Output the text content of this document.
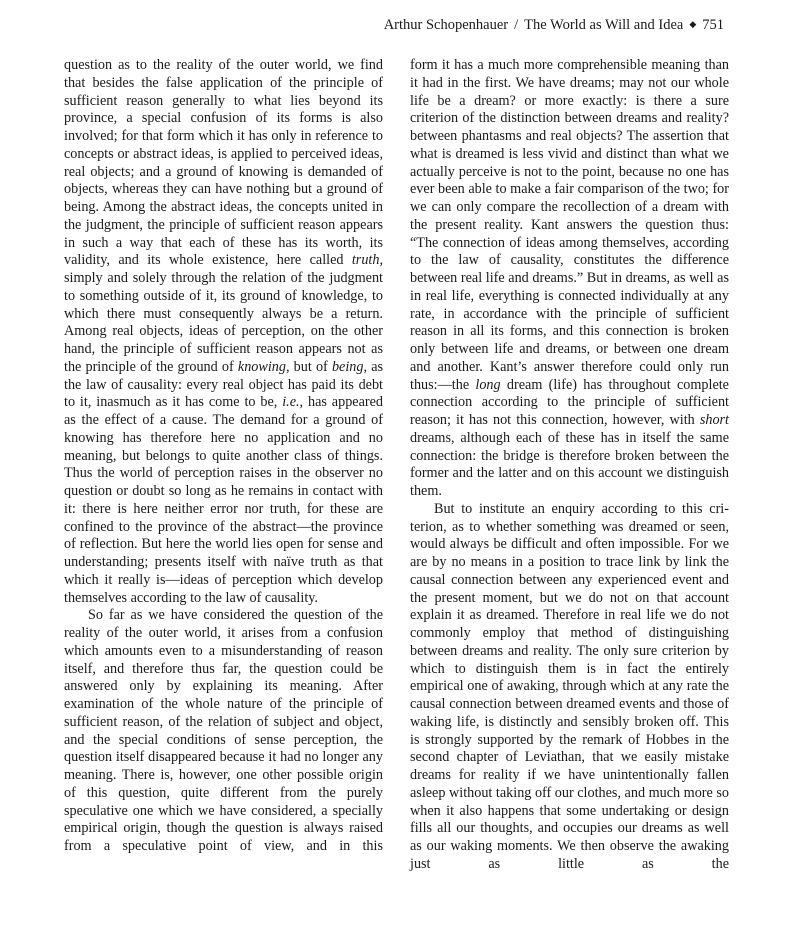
Arthur Schopenhauer / The World as Will and Idea ◆ 751

question as to the reality of the outer world, we find that besides the false application of the principle of sufficient reason generally to what lies beyond its province, a special confusion of its forms is also involved; for that form which it has only in reference to concepts or abstract ideas, is applied to perceived ideas, real objects; and a ground of knowing is demanded of objects, whereas they can have nothing but a ground of being. Among the abstract ideas, the concepts united in the judgment, the principle of sufficient reason appears in such a way that each of these has its worth, its validity, and its whole existence, here called truth, simply and solely through the relation of the judgment to something outside of it, its ground of knowledge, to which there must consequently always be a return. Among real objects, ideas of perception, on the other hand, the principle of sufficient reason appears not as the principle of the ground of knowing, but of being, as the law of causality: every real object has paid its debt to it, inasmuch as it has come to be, i.e., has appeared as the effect of a cause. The demand for a ground of knowing has therefore here no application and no meaning, but belongs to quite another class of things. Thus the world of perception raises in the observer no question or doubt so long as he remains in contact with it: there is here neither error nor truth, for these are confined to the province of the abstract—the province of reflection. But here the world lies open for sense and understanding; presents itself with naïve truth as that which it really is—ideas of perception which develop themselves according to the law of causality.

So far as we have considered the question of the reality of the outer world, it arises from a confusion which amounts even to a misunderstanding of reason itself, and therefore thus far, the question could be answered only by explaining its meaning. After examination of the whole nature of the principle of sufficient reason, of the relation of subject and object, and the special conditions of sense perception, the question itself disappeared because it had no longer any meaning. There is, however, one other possible origin of this question, quite different from the purely speculative one which we have considered, a specially empirical origin, though the question is always raised from a speculative point of view, and in this

form it has a much more comprehensible meaning than it had in the first. We have dreams; may not our whole life be a dream? or more exactly: is there a sure criterion of the distinction between dreams and reality? between phantasms and real objects? The assertion that what is dreamed is less vivid and distinct than what we actually perceive is not to the point, because no one has ever been able to make a fair comparison of the two; for we can only compare the recollection of a dream with the present reality. Kant answers the question thus: “The connection of ideas among themselves, according to the law of causality, constitutes the difference between real life and dreams.” But in dreams, as well as in real life, everything is connected individually at any rate, in accordance with the principle of sufficient reason in all its forms, and this connection is broken only between life and dreams, or between one dream and another. Kant’s answer therefore could only run thus:—the long dream (life) has throughout complete connection according to the principle of sufficient reason; it has not this connection, however, with short dreams, although each of these has in itself the same connection: the bridge is therefore broken between the former and the latter and on this account we distinguish them.

But to institute an enquiry according to this criterion, as to whether something was dreamed or seen, would always be difficult and often impossible. For we are by no means in a position to trace link by link the causal connection between any experienced event and the present moment, but we do not on that account explain it as dreamed. Therefore in real life we do not commonly employ that method of distinguishing between dreams and reality. The only sure criterion by which to distinguish them is in fact the entirely empirical one of awaking, through which at any rate the causal connection between dreamed events and those of waking life, is distinctly and sensibly broken off. This is strongly supported by the remark of Hobbes in the second chapter of Leviathan, that we easily mistake dreams for reality if we have unintentionally fallen asleep without taking off our clothes, and much more so when it also happens that some undertaking or design fills all our thoughts, and occupies our dreams as well as our waking moments. We then observe the awaking just as little as the
